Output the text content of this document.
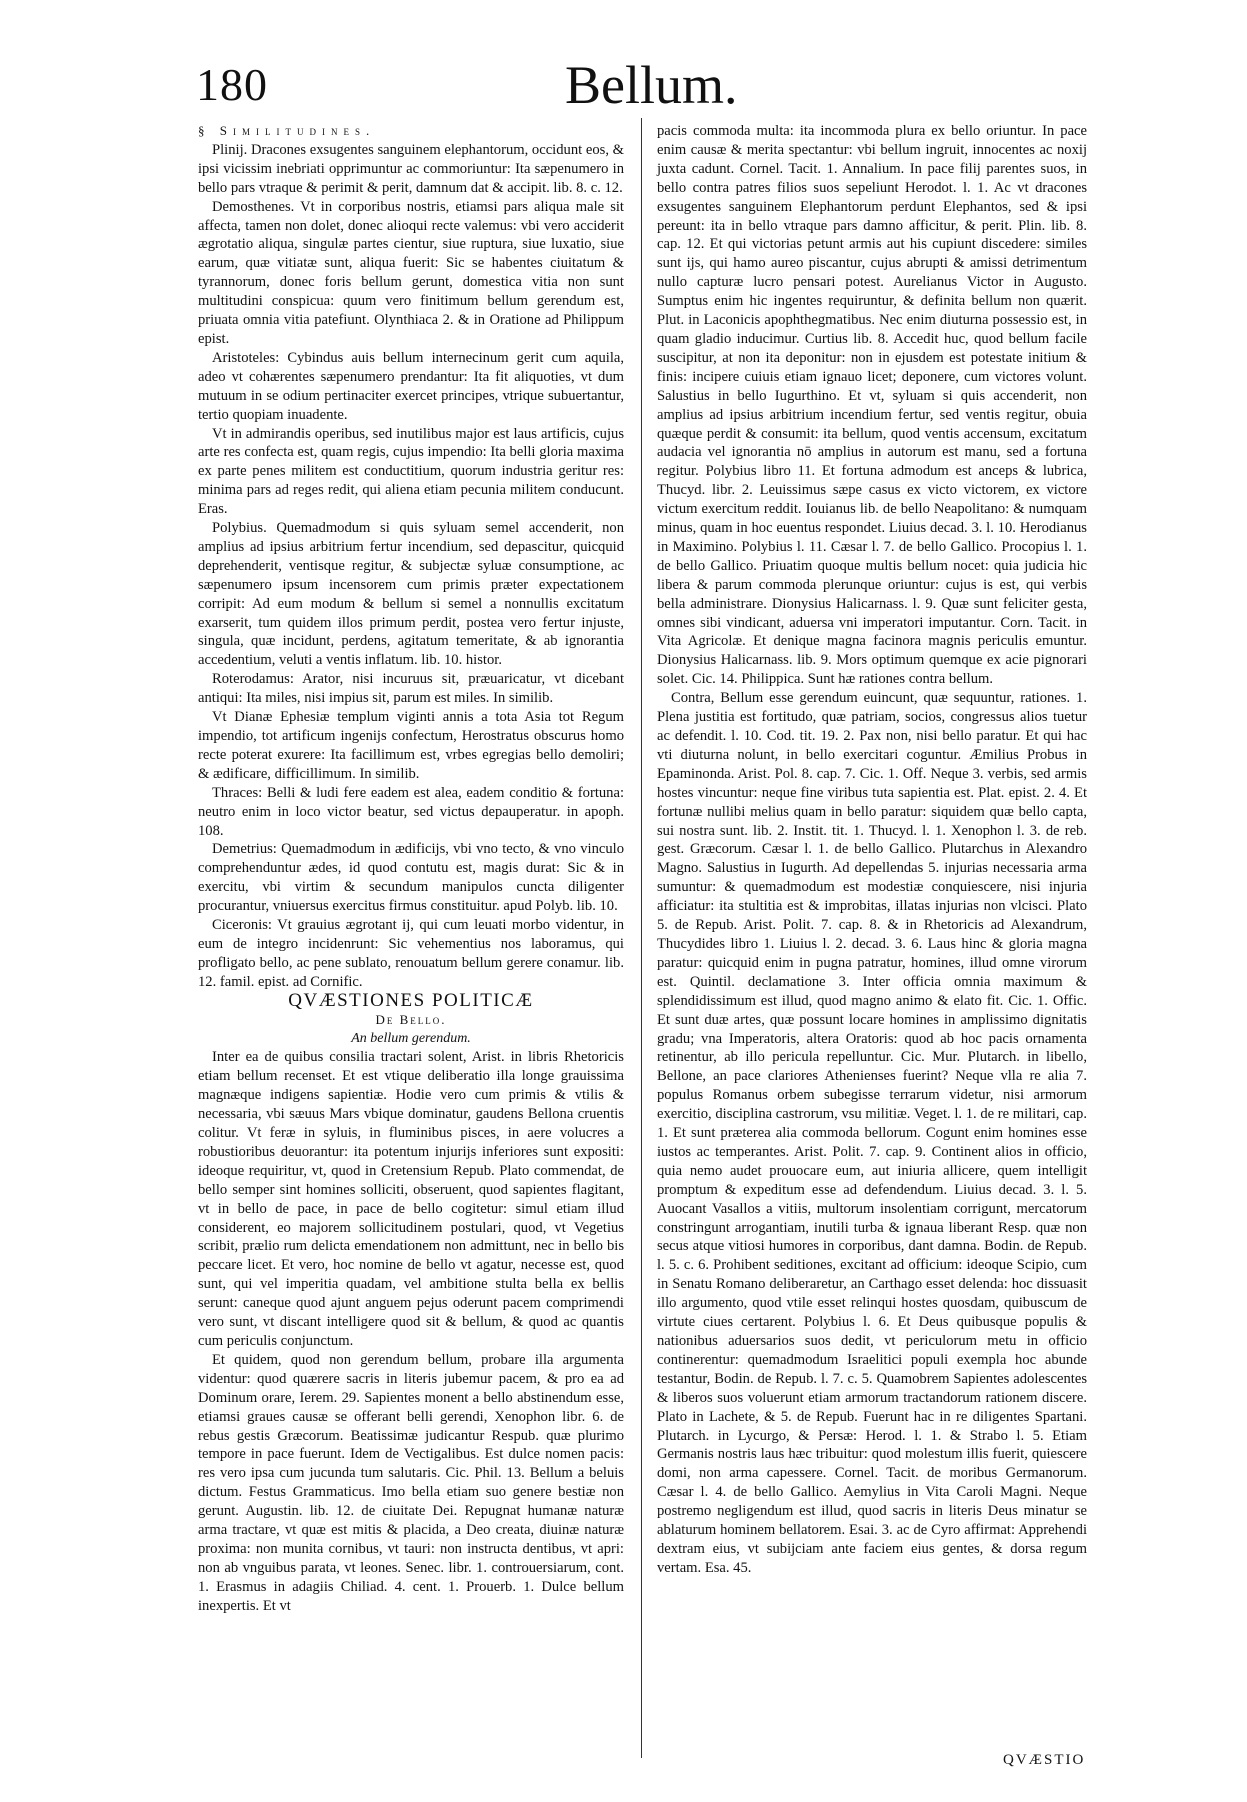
180	Bellum.

§ Similitudines.

Plinij. Dracones exsugentes sanguinem elephantorum, occidunt eos, & ipsi vicissim inebriati opprimuntur ac commoriuntur: Ita sæpenumero in bello pars vtraque & perimit & perit, damnum dat & accipit. lib. 8. c. 12.

Demosthenes. Vt in corporibus nostris, etiamsi pars aliqua male sit affecta, tamen non dolet, donec alioqui recte valemus: vbi vero acciderit ægrotatio aliqua, singulæ partes cientur, siue ruptura, siue luxatio, siue earum, quæ vitiatæ sunt, aliqua fuerit: Sic se habentes ciuitatum & tyrannorum, donec foris bellum gerunt, domestica vitia non sunt multitudini conspicua: quum vero finitimum bellum gerendum est, priuata omnia vitia patefiunt. Olynthiaca 2. & in Oratione ad Philippum epist.

Aristoteles: Cybindus auis bellum internecinum gerit cum aquila, adeo vt cohærentes sæpenumero prendantur: Ita fit aliquoties, vt dum mutuum in se odium pertinaciter exercet principes, vtrique subuertantur, tertio quopiam inuadente.

Vt in admirandis operibus, sed inutilibus major est laus artificis, cujus arte res confecta est, quam regis, cujus impendio: Ita belli gloria maxima ex parte penes militem est conductitium, quorum industria geritur res: minima pars ad reges redit, qui aliena etiam pecunia militem conducunt. Eras.

Polybius. Quemadmodum si quis syluam semel accenderit, non amplius ad ipsius arbitrium fertur incendium, sed depascitur, quicquid deprehenderit, ventisque regitur, & subjectæ syluæ consumptione, ac sæpenumero ipsum incensorem cum primis præter expectationem corripit: Ad eum modum & bellum si semel a nonnullis excitatum exarserit, tum quidem illos primum perdit, postea vero fertur injuste, singula, quæ incidunt, perdens, agitatum temeritate, & ab ignorantia accedentium, veluti a ventis inflatum. lib. 10. histor.

Roterodamus: Arator, nisi incuruus sit, præuaricatur, vt dicebant antiqui: Ita miles, nisi impius sit, parum est miles. In similib.

Vt Dianæ Ephesiæ templum viginti annis a tota Asia tot Regum impendio, tot artificum ingenijs confectum, Herostratus obscurus homo recte poterat exurere: Ita facillimum est, vrbes egregias bello demoliri; & ædificare, difficillimum. In similib.

Thraces: Belli & ludi fere eadem est alea, eadem conditio & fortuna: neutro enim in loco victor beatur, sed victus depauperatur. in apoph. 108.

Demetrius: Quemadmodum in ædificijs, vbi vno tecto, & vno vinculo comprehenduntur ædes, id quod contutu est, magis durat: Sic & in exercitu, vbi virtim & secundum manipulos cuncta diligenter procurantur, vniuersus exercitus firmus constituitur. apud Polyb. lib. 10.

Ciceronis: Vt grauius ægrotant ij, qui cum leuati morbo videntur, in eum de integro incidenrunt: Sic vehementius nos laboramus, qui profligato bello, ac pene sublato, renouatum bellum gerere conamur. lib. 12. famil. epist. ad Cornific.

QVÆSTIONES POLITICÆ

De Bello.

An bellum gerendum.

Inter ea de quibus consilia tractari solent, Arist. in libris Rhetoricis etiam bellum recenset. Et est vtique deliberatio illa longe grauissima magnæque indigens sapientiæ. Hodie vero cum primis & vtilis & necessaria, vbi sæuus Mars vbique dominatur, gaudens Bellona cruentis colitur. Vt feræ in syluis, in fluminibus pisces, in aere volucres a robustioribus deuorantur: ita potentum injurijs inferiores sunt expositi: ideoque requiritur, vt, quod in Cretensium Repub. Plato commendat, de bello semper sint homines solliciti, obseruent, quod sapientes flagitant, vt in bello de pace, in pace de bello cogitetur: simul etiam illud considerent, eo majorem sollicitudinem postulari, quod, vt Vegetius scribit, prælio rum delicta emendationem non admittunt, nec in bello bis peccare licet. Et vero, hoc nomine de bello vt agatur, necesse est, quod sunt, qui vel imperitia quadam, vel ambitione stulta bella ex bellis serunt: caneque quod ajunt anguem pejus oderunt pacem comprimendi vero sunt, vt discant intelligere quod sit & bellum, & quod ac quantis cum periculis conjunctum.

Et quidem, quod non gerendum bellum, probare illa argumenta videntur: quod quærere sacris in literis jubemur pacem, & pro ea ad Dominum orare, Ierem. 29. Sapientes monent a bello abstinendum esse, etiamsi graues causæ se offerant belli gerendi, Xenophon libr. 6. de rebus gestis Græcorum. Beatissimæ judicantur Respub. quæ plurimo tempore in pace fuerunt. Idem de Vectigalibus. Est dulce nomen pacis: res vero ipsa cum jucunda tum salutaris. Cic. Phil. 13. Bellum a beluis dictum. Festus Grammaticus. Imo bella etiam suo genere bestiæ non gerunt. Augustin. lib. 12. de ciuitate Dei. Repugnat humanæ naturæ arma tractare, vt quæ est mitis & placida, a Deo creata, diuinæ naturæ proxima: non munita cornibus, vt tauri: non instructa dentibus, vt apri: non ab vnguibus parata, vt leones. Senec. libr. 1. controuersiarum, cont. 1. Erasmus in adagiis Chiliad. 4. cent. 1. Prouerb. 1. Dulce bellum inexpertis. Et vt

pacis commoda multa: ita incommoda plura ex bello oriuntur. In pace enim causæ & merita spectantur: vbi bellum ingruit, innocentes ac noxij juxta cadunt. Cornel. Tacit. 1. Annalium. In pace filij parentes suos, in bello contra patres filios suos sepeliunt Herodot. l. 1. Ac vt dracones exsugentes sanguinem Elephantorum perdunt Elephantos, sed & ipsi pereunt: ita in bello vtraque pars damno afficitur, & perit. Plin. lib. 8. cap. 12. Et qui victorias petunt armis aut his cupiunt discedere: similes sunt ijs, qui hamo aureo piscantur, cujus abrupti & amissi detrimentum nullo capturæ lucro pensari potest. Aurelianus Victor in Augusto. Sumptus enim hic ingentes requiruntur, & definita bellum non quærit. Plut. in Laconicis apophthegmatibus. Nec enim diuturna possessio est, in quam gladio inducimur. Curtius lib. 8. Accedit huc, quod bellum facile suscipitur, at non ita deponitur: non in ejusdem est potestate initium & finis: incipere cuiuis etiam ignauo licet; deponere, cum victores volunt. Salustius in bello Iugurthino. Et vt, syluam si quis accenderit, non amplius ad ipsius arbitrium incendium fertur, sed ventis regitur, obuia quæque perdit & consumit: ita bellum, quod ventis accensum, excitatum audacia vel ignorantia nō amplius in autorum est manu, sed a fortuna regitur. Polybius libro 11. Et fortuna admodum est anceps & lubrica, Thucyd. libr. 2. Leuissimus sæpe casus ex victo victorem, ex victore victum exercitum reddit. Iouianus lib. de bello Neapolitano: & numquam minus, quam in hoc euentus respondet. Liuius decad. 3. l. 10. Herodianus in Maximino. Polybius l. 11. Cæsar l. 7. de bello Gallico. Procopius l. 1. de bello Gallico. Priuatim quoque multis bellum nocet: quia judicia hic libera & parum commoda plerunque oriuntur: cujus is est, qui verbis bella administrare. Dionysius Halicarnass. l. 9. Quæ sunt feliciter gesta, omnes sibi vindicant, aduersa vni imperatori imputantur. Corn. Tacit. in Vita Agricolæ. Et denique magna facinora magnis periculis emuntur. Dionysius Halicarnass. lib. 9. Mors optimum quemque ex acie pignorari solet. Cic. 14. Philippica. Sunt hæ rationes contra bellum.

Contra, Bellum esse gerendum euincunt, quæ sequuntur, rationes. 1. Plena justitia est fortitudo, quæ patriam, socios, congressus alios tuetur ac defendit. l. 10. Cod. tit. 19. 2. Pax non, nisi bello paratur. Et qui hac vti diuturna nolunt, in bello exercitari coguntur. Æmilius Probus in Epaminonda. Arist. Pol. 8. cap. 7. Cic. 1. Off. Neque 3. verbis, sed armis hostes vincuntur: neque fine viribus tuta sapientia est. Plat. epist. 2. 4. Et fortunæ nullibi melius quam in bello paratur: siquidem quæ bello capta, sui nostra sunt. lib. 2. Instit. tit. 1. Thucyd. l. 1. Xenophon l. 3. de reb. gest. Græcorum. Cæsar l. 1. de bello Gallico. Plutarchus in Alexandro Magno. Salustius in Iugurth. Ad depellendas 5. injurias necessaria arma sumuntur: & quemadmodum est modestiæ conquiescere, nisi injuria afficiatur: ita stultitia est & improbitas, illatas injurias non vlcisci. Plato 5. de Repub. Arist. Polit. 7. cap. 8. & in Rhetoricis ad Alexandrum, Thucydides libro 1. Liuius l. 2. decad. 3. 6. Laus hinc & gloria magna paratur: quicquid enim in pugna patratur, homines, illud omne virorum est. Quintil. declamatione 3. Inter officia omnia maximum & splendidissimum est illud, quod magno animo & elato fit. Cic. 1. Offic. Et sunt duæ artes, quæ possunt locare homines in amplissimo dignitatis gradu; vna Imperatoris, altera Oratoris: quod ab hoc pacis ornamenta retinentur, ab illo pericula repelluntur. Cic. Mur. Plutarch. in libello, Bellone, an pace clariores Athenienses fuerint? Neque vlla re alia 7. populus Romanus orbem subegisse terrarum videtur, nisi armorum exercitio, disciplina castrorum, vsu militiæ. Veget. l. 1. de re militari, cap. 1. Et sunt præterea alia commoda bellorum. Cogunt enim homines esse iustos ac temperantes. Arist. Polit. 7. cap. 9. Continent alios in officio, quia nemo audet prouocare eum, aut iniuria allicere, quem intelligit promptum & expeditum esse ad defendendum. Liuius decad. 3. l. 5. Auocant Vasallos a vitiis, multorum insolentiam corrigunt, mercatorum constringunt arrogantiam, inutili turba & ignaua liberant Resp. quæ non secus atque vitiosi humores in corporibus, dant damna. Bodin. de Repub. l. 5. c. 6. Prohibent seditiones, excitant ad officium: ideoque Scipio, cum in Senatu Romano deliberaretur, an Carthago esset delenda: hoc dissuasit illo argumento, quod vtile esset relinqui hostes quosdam, quibuscum de virtute ciues certarent. Polybius l. 6. Et Deus quibusque populis & nationibus aduersarios suos dedit, vt periculorum metu in officio continerentur: quemadmodum Israelitici populi exempla hoc abunde testantur, Bodin. de Repub. l. 7. c. 5. Quamobrem Sapientes adolescentes & liberos suos voluerunt etiam armorum tractandorum rationem discere. Plato in Lachete, & 5. de Repub. Fuerunt hac in re diligentes Spartani. Plutarch. in Lycurgo, & Persæ: Herod. l. 1. & Strabo l. 5. Etiam Germanis nostris laus hæc tribuitur: quod molestum illis fuerit, quiescere domi, non arma capessere. Cornel. Tacit. de moribus Germanorum. Cæsar l. 4. de bello Gallico. Aemylius in Vita Caroli Magni. Neque postremo negligendum est illud, quod sacris in literis Deus minatur se ablaturum hominem bellatorem. Esai. 3. ac de Cyro affirmat: Apprehendi dextram eius, vt subijciam ante faciem eius gentes, & dorsa regum vertam. Esa. 45.

QVÆSTIO
